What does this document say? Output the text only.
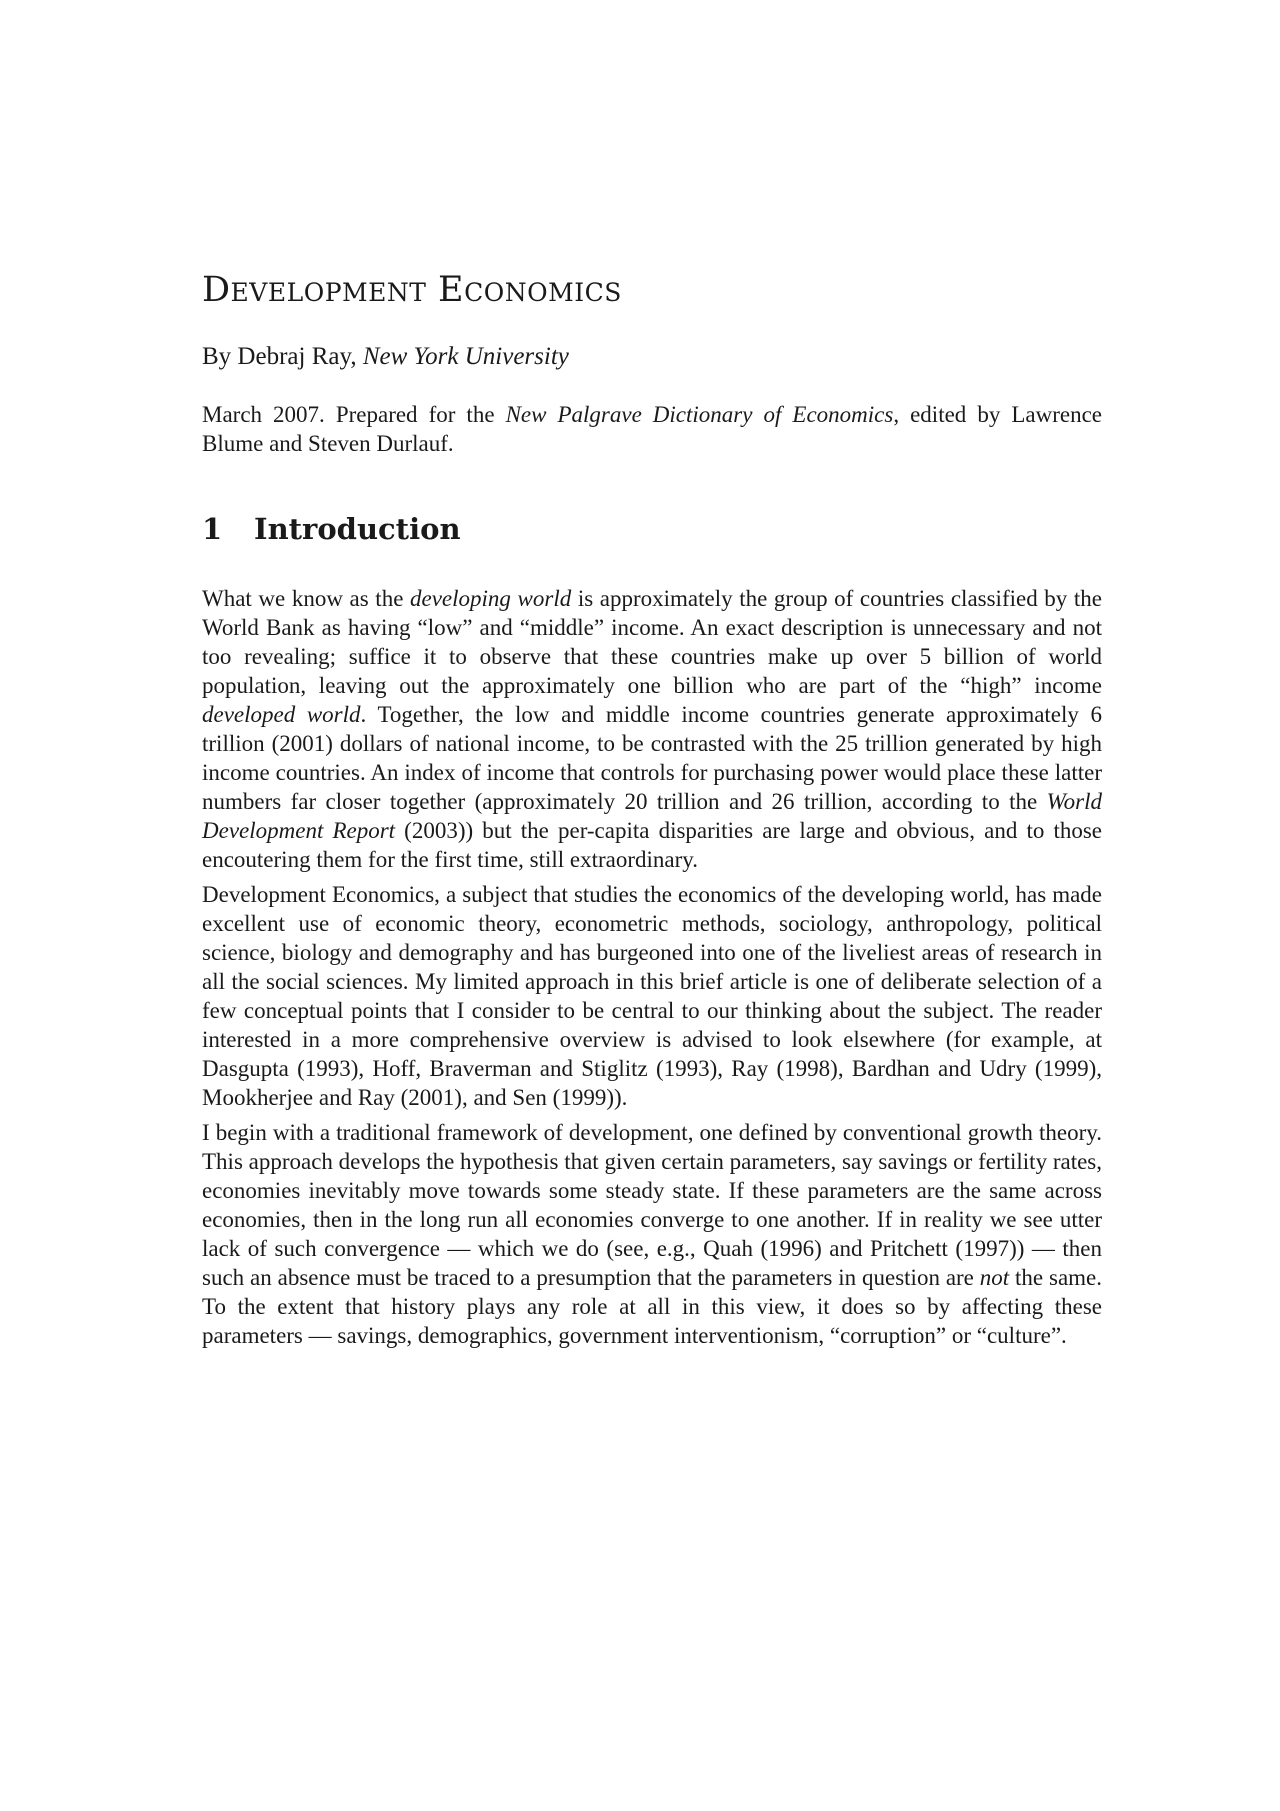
Development Economics
By Debraj Ray, New York University
March 2007. Prepared for the New Palgrave Dictionary of Economics, edited by Lawrence Blume and Steven Durlauf.
1	Introduction

What we know as the developing world is approximately the group of countries classified by the World Bank as having “low” and “middle” income. An exact description is unnecessary and not too revealing; suffice it to observe that these countries make up over 5 billion of world population, leaving out the approximately one billion who are part of the “high” income developed world. Together, the low and middle income countries generate approximately 6 trillion (2001) dollars of national income, to be contrasted with the 25 trillion generated by high income countries. An index of income that controls for purchasing power would place these latter numbers far closer together (approximately 20 trillion and 26 trillion, according to the World Development Report (2003)) but the per-capita disparities are large and obvious, and to those encoutering them for the first time, still extraordinary.

Development Economics, a subject that studies the economics of the developing world, has made excellent use of economic theory, econometric methods, sociology, anthropology, political science, biology and demography and has burgeoned into one of the liveliest areas of research in all the social sciences. My limited approach in this brief article is one of deliberate selection of a few conceptual points that I consider to be central to our thinking about the subject. The reader interested in a more comprehensive overview is advised to look elsewhere (for example, at Dasgupta (1993), Hoff, Braverman and Stiglitz (1993), Ray (1998), Bardhan and Udry (1999), Mookherjee and Ray (2001), and Sen (1999)).

I begin with a traditional framework of development, one defined by conventional growth theory. This approach develops the hypothesis that given certain parameters, say savings or fertility rates, economies inevitably move towards some steady state. If these parameters are the same across economies, then in the long run all economies converge to one another. If in reality we see utter lack of such convergence — which we do (see, e.g., Quah (1996) and Pritchett (1997)) — then such an absence must be traced to a presumption that the parameters in question are not the same. To the extent that history plays any role at all in this view, it does so by affecting these parameters — savings, demographics, government interventionism, “corruption” or “culture”.
